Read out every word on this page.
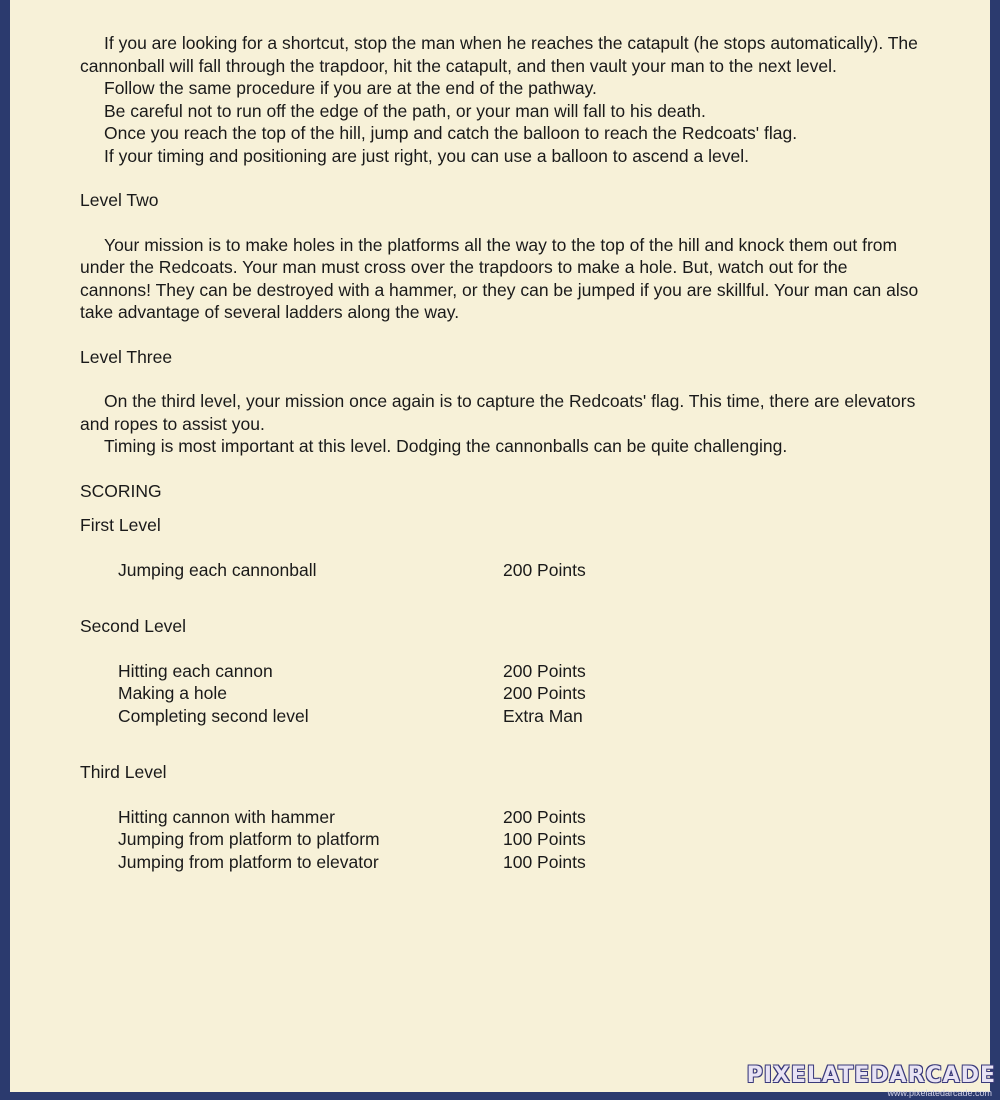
If you are looking for a shortcut, stop the man when he reaches the catapult (he stops automatically). The cannonball will fall through the trapdoor, hit the catapult, and then vault your man to the next level.
Follow the same procedure if you are at the end of the pathway.
Be careful not to run off the edge of the path, or your man will fall to his death.
Once you reach the top of the hill, jump and catch the balloon to reach the Redcoats' flag.
If your timing and positioning are just right, you can use a balloon to ascend a level.
Level Two
Your mission is to make holes in the platforms all the way to the top of the hill and knock them out from under the Redcoats. Your man must cross over the trapdoors to make a hole. But, watch out for the cannons! They can be destroyed with a hammer, or they can be jumped if you are skillful. Your man can also take advantage of several ladders along the way.
Level Three
On the third level, your mission once again is to capture the Redcoats' flag. This time, there are elevators and ropes to assist you.
Timing is most important at this level. Dodging the cannonballs can be quite challenging.
SCORING
First Level
Jumping each cannonball	200 Points
Second Level
Hitting each cannon	200 Points
Making a hole	200 Points
Completing second level	Extra Man
Third Level
Hitting cannon with hammer	200 Points
Jumping from platform to platform	100 Points
Jumping from platform to elevator	100 Points
PIXELATEDARCADE
www.pixelatedarcade.com
